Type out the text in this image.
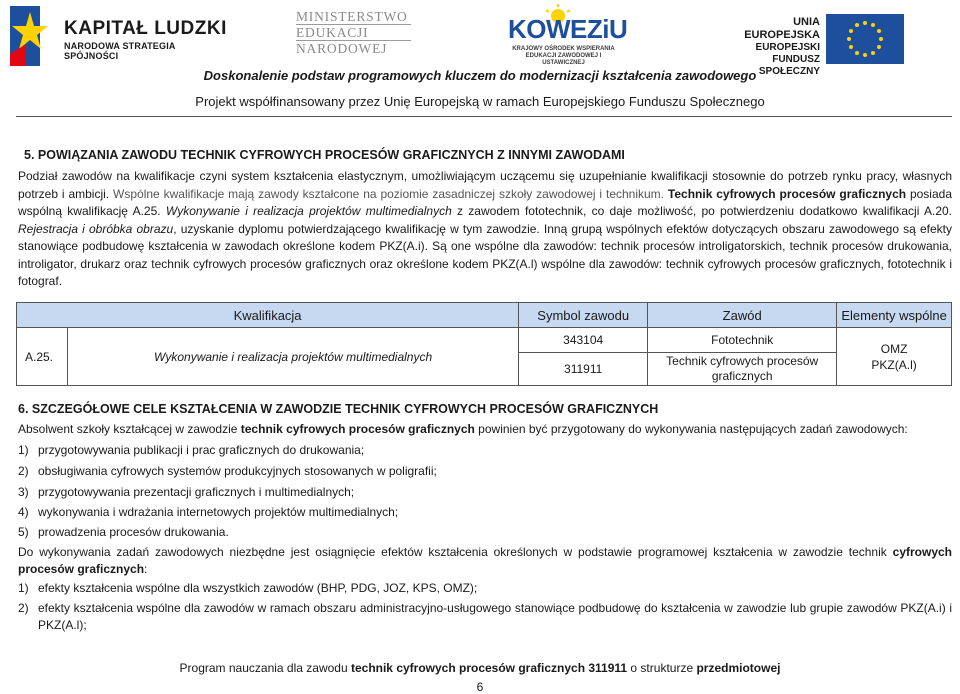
KAPITAŁ LUDZKI
NARODOWA STRATEGIA SPÓJNOŚCI
MINISTERSTWO
EDUKACJI
NARODOWEJ
KOWEZiU
KRAJOWY OŚRODEK WSPIERANIA EDUKACJI ZAWODOWEJ I USTAWICZNEJ
UNIA EUROPEJSKA
EUROPEJSKI
FUNDUSZ SPOŁECZNY
Doskonalenie podstaw programowych kluczem do modernizacji kształcenia zawodowego
Projekt współfinansowany przez Unię Europejską w ramach Europejskiego Funduszu Społecznego
5. POWIĄZANIA ZAWODU TECHNIK CYFROWYCH PROCESÓW GRAFICZNYCH Z INNYMI ZAWODAMI
Podział zawodów na kwalifikacje czyni system kształcenia elastycznym, umożliwiającym uczącemu się uzupełnianie kwalifikacji stosownie do potrzeb rynku pracy, własnych potrzeb i ambicji. Wspólne kwalifikacje mają zawody kształcone na poziomie zasadniczej szkoły zawodowej i technikum. Technik cyfrowych procesów graficznych posiada wspólną kwalifikację A.25. Wykonywanie i realizacja projektów multimedialnych z zawodem fototechnik, co daje możliwość, po potwierdzeniu dodatkowo kwalifikacji A.20. Rejestracja i obróbka obrazu, uzyskanie dyplomu potwierdzającego kwalifikację w tym zawodzie. Inną grupą wspólnych efektów dotyczących obszaru zawodowego są efekty stanowiące podbudowę kształcenia w zawodach określone kodem PKZ(A.i). Są one wspólne dla zawodów: technik procesów introligatorskich, technik procesów drukowania, introligator, drukarz oraz technik cyfrowych procesów graficznych oraz określone kodem PKZ(A.l) wspólne dla zawodów: technik cyfrowych procesów graficznych, fototechnik i fotograf.
Kwalifikacja		Symbol zawodu	Zawód	Elementy wspólne
A.25.	Wykonywanie i realizacja projektów multimedialnych	343104	Fototechnik	OMZ PKZ(A.l)
		311911	Technik cyfrowych procesów graficznych	
6. SZCZEGÓŁOWE CELE KSZTAŁCENIA W ZAWODZIE TECHNIK CYFROWYCH PROCESÓW GRAFICZNYCH
Absolwent szkoły kształcącej w zawodzie technik cyfrowych procesów graficznych powinien być przygotowany do wykonywania następujących zadań zawodowych:
1) przygotowywania publikacji i prac graficznych do drukowania;
2) obsługiwania cyfrowych systemów produkcyjnych stosowanych w poligrafii;
3) przygotowywania prezentacji graficznych i multimedialnych;
4) wykonywania i wdrażania internetowych projektów multimedialnych;
5) prowadzenia procesów drukowania.
Do wykonywania zadań zawodowych niezbędne jest osiągnięcie efektów kształcenia określonych w podstawie programowej kształcenia w zawodzie technik cyfrowych procesów graficznych:
1) efekty kształcenia wspólne dla wszystkich zawodów (BHP, PDG, JOZ, KPS, OMZ);
2) efekty kształcenia wspólne dla zawodów w ramach obszaru administracyjno-usługowego stanowiące podbudowę do kształcenia w zawodzie lub grupie zawodów PKZ(A.i) i PKZ(A.l);
Program nauczania dla zawodu technik cyfrowych procesów graficznych 311911 o strukturze przedmiotowej
6
